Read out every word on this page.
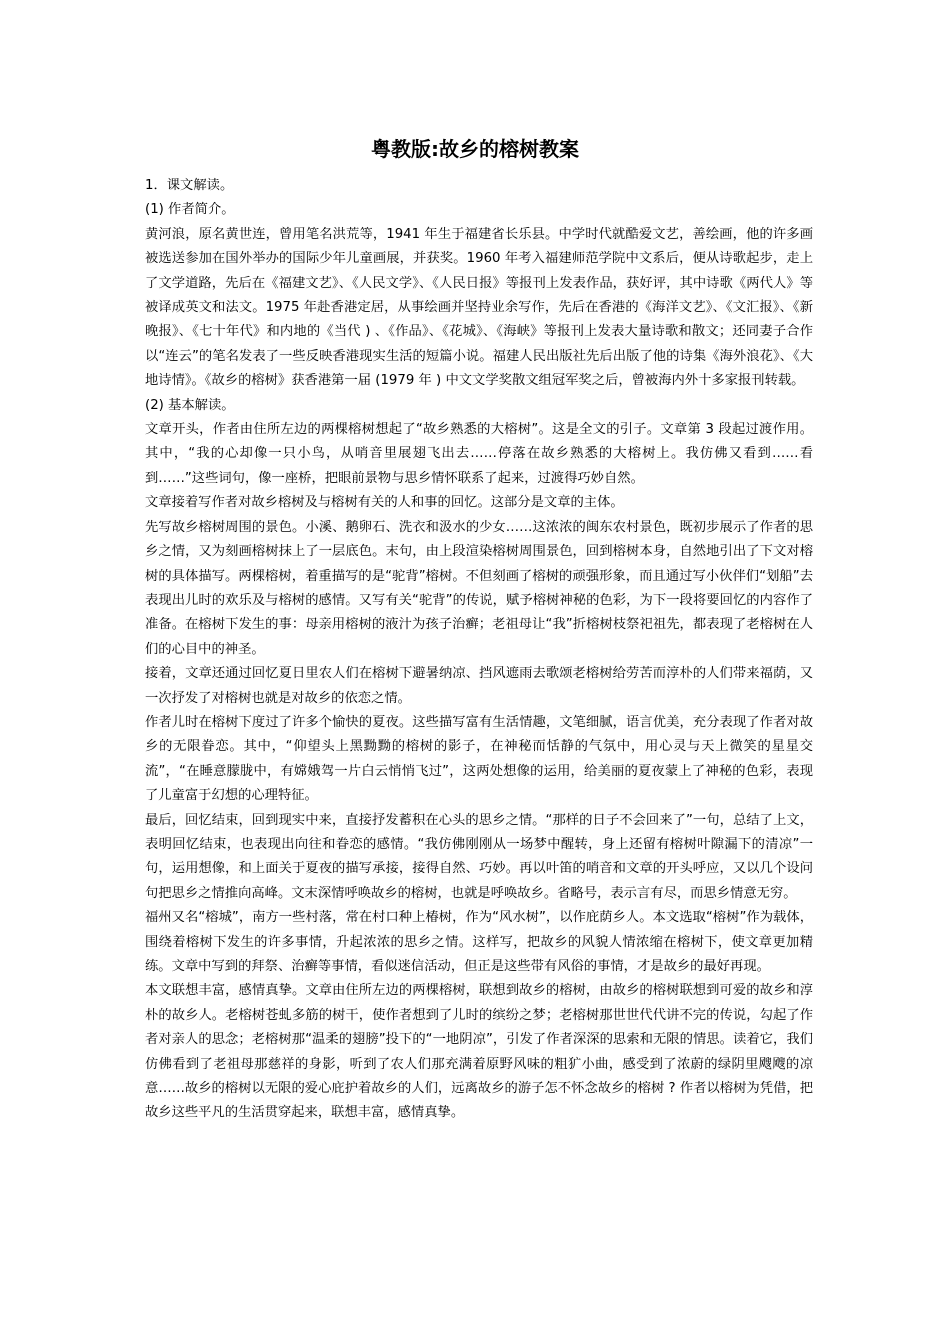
粤教版:故乡的榕树教案

1．课文解读。

(1) 作者简介。

黄河浪，原名黄世连，曾用笔名洪荒等，1941 年生于福建省长乐县。中学时代就酷爱文艺，善绘画，他的许多画被选送参加在国外举办的国际少年儿童画展，并获奖。1960 年考入福建师范学院中文系后，便从诗歌起步，走上了文学道路，先后在《福建文艺》、《人民文学》、《人民日报》等报刊上发表作品，获好评，其中诗歌《两代人》等被译成英文和法文。1975 年赴香港定居，从事绘画并坚持业余写作，先后在香港的《海洋文艺》、《文汇报》、《新晚报》、《七十年代》和内地的《当代 ) 、《作品》、《花城》、《海峡》等报刊上发表大量诗歌和散文；还同妻子合作以“连云”的笔名发表了一些反映香港现实生活的短篇小说。福建人民出版社先后出版了他的诗集《海外浪花》、《大地诗情》。《故乡的榕树》获香港第一届 (1979 年 ) 中文文学奖散文组冠军奖之后，曾被海内外十多家报刊转载。

(2) 基本解读。

文章开头，作者由住所左边的两棵榕树想起了“故乡熟悉的大榕树”。这是全文的引子。文章第 3 段起过渡作用。其中，“我的心却像一只小鸟，从哨音里展翅飞出去……停落在故乡熟悉的大榕树上。我仿佛又看到……看到……”这些词句，像一座桥，把眼前景物与思乡情怀联系了起来，过渡得巧妙自然。

文章接着写作者对故乡榕树及与榕树有关的人和事的回忆。这部分是文章的主体。

先写故乡榕树周围的景色。小溪、鹅卵石、洗衣和汲水的少女……这浓浓的闽东农村景色，既初步展示了作者的思乡之情，又为刻画榕树抹上了一层底色。末句，由上段渲染榕树周围景色，回到榕树本身，自然地引出了下文对榕树的具体描写。两棵榕树，着重描写的是“驼背”榕树。不但刻画了榕树的顽强形象，而且通过写小伙伴们“划船”去表现出儿时的欢乐及与榕树的感情。又写有关“驼背”的传说，赋予榕树神秘的色彩，为下一段将要回忆的内容作了准备。在榕树下发生的事：母亲用榕树的液汁为孩子治癣；老祖母让“我”折榕树枝祭祀祖先，都表现了老榕树在人们的心目中的神圣。

接着，文章还通过回忆夏日里农人们在榕树下避暑纳凉、挡风遮雨去歌颂老榕树给劳苦而淳朴的人们带来福荫，又一次抒发了对榕树也就是对故乡的依恋之情。

作者儿时在榕树下度过了许多个愉快的夏夜。这些描写富有生活情趣，文笔细腻，语言优美，充分表现了作者对故乡的无限眷恋。其中，“仰望头上黑黝黝的榕树的影子，在神秘而恬静的气氛中，用心灵与天上微笑的星星交流”，“在睡意朦胧中，有嫦娥驾一片白云悄悄飞过”，这两处想像的运用，给美丽的夏夜蒙上了神秘的色彩，表现了儿童富于幻想的心理特征。

最后，回忆结束，回到现实中来，直接抒发蓄积在心头的思乡之情。“那样的日子不会回来了”一句，总结了上文，表明回忆结束，也表现出向往和眷恋的感情。“我仿佛刚刚从一场梦中醒转，身上还留有榕树叶隙漏下的清凉”一句，运用想像，和上面关于夏夜的描写承接，接得自然、巧妙。再以叶笛的哨音和文章的开头呼应，又以几个设问句把思乡之情推向高峰。文末深情呼唤故乡的榕树，也就是呼唤故乡。省略号，表示言有尽，而思乡情意无穷。

福州又名“榕城”，南方一些村落，常在村口种上椿树，作为“风水树”，以作庇荫乡人。本文选取“榕树”作为载体，围绕着榕树下发生的许多事情，升起浓浓的思乡之情。这样写，把故乡的风貌人情浓缩在榕树下，使文章更加精练。文章中写到的拜祭、治癣等事情，看似迷信活动，但正是这些带有风俗的事情，才是故乡的最好再现。

本文联想丰富，感情真挚。文章由住所左边的两棵榕树，联想到故乡的榕树，由故乡的榕树联想到可爱的故乡和淳朴的故乡人。老榕树苍虬多筋的树干，使作者想到了儿时的缤纷之梦；老榕树那世世代代讲不完的传说，勾起了作者对亲人的思念；老榕树那“温柔的翅膀”投下的“一地阴凉”，引发了作者深深的思索和无限的情思。读着它，我们仿佛看到了老祖母那慈祥的身影，听到了农人们那充满着原野风味的粗犷小曲，感受到了浓蔚的绿阴里飕飕的凉意……故乡的榕树以无限的爱心庇护着故乡的人们，远离故乡的游子怎不怀念故乡的榕树 ? 作者以榕树为凭借，把故乡这些平凡的生活贯穿起来，联想丰富，感情真挚。
